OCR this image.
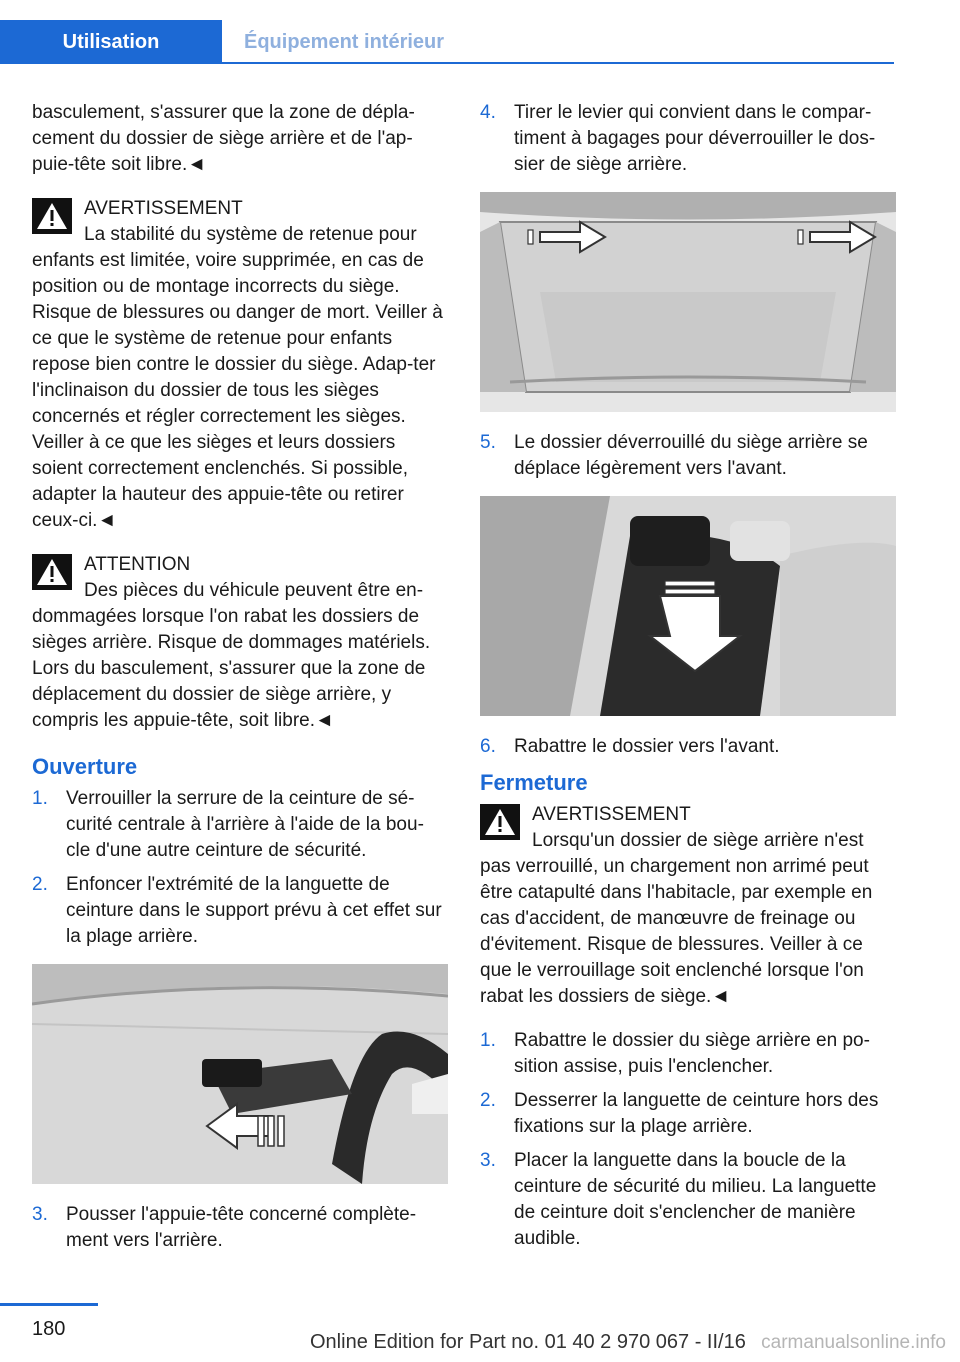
Utilisation	Équipement intérieur

basculement, s'assurer que la zone de dépla-cement du dossier de siège arrière et de l'ap-puie-tête soit libre.◄

AVERTISSEMENT

La stabilité du système de retenue pour enfants est limitée, voire supprimée, en cas de position ou de montage incorrects du siège. Risque de blessures ou danger de mort. Veiller à ce que le système de retenue pour enfants repose bien contre le dossier du siège. Adap-ter l'inclinaison du dossier de tous les sièges concernés et régler correctement les sièges. Veiller à ce que les sièges et leurs dossiers soient correctement enclenchés. Si possible, adapter la hauteur des appuie-tête ou retirer ceux-ci.◄

ATTENTION

Des pièces du véhicule peuvent être en-dommagées lorsque l'on rabat les dossiers de sièges arrière. Risque de dommages matériels. Lors du basculement, s'assurer que la zone de déplacement du dossier de siège arrière, y compris les appuie-tête, soit libre.◄

Ouverture
1. Verrouiller la serrure de la ceinture de sé-curité centrale à l'arrière à l'aide de la bou-cle d'une autre ceinture de sécurité.
2. Enfoncer l'extrémité de la languette de ceinture dans le support prévu à cet effet sur la plage arrière.
3. Pousser l'appuie-tête concerné complète-ment vers l'arrière.
4. Tirer le levier qui convient dans le compar-timent à bagages pour déverrouiller le dos-sier de siège arrière.
5. Le dossier déverrouillé du siège arrière se déplace légèrement vers l'avant.
6. Rabattre le dossier vers l'avant.
Fermeture

AVERTISSEMENT

Lorsqu'un dossier de siège arrière n'est pas verrouillé, un chargement non arrimé peut être catapulté dans l'habitacle, par exemple en cas d'accident, de manœuvre de freinage ou d'évitement. Risque de blessures. Veiller à ce que le verrouillage soit enclenché lorsque l'on rabat les dossiers de siège.◄

1. Rabattre le dossier du siège arrière en po-sition assise, puis l'enclencher.
2. Desserrer la languette de ceinture hors des fixations sur la plage arrière.
3. Placer la languette dans la boucle de la ceinture de sécurité du milieu. La languette de ceinture doit s'enclencher de manière audible.
180
Online Edition for Part no. 01 40 2 970 067 - II/16 carmanualsonline.info
